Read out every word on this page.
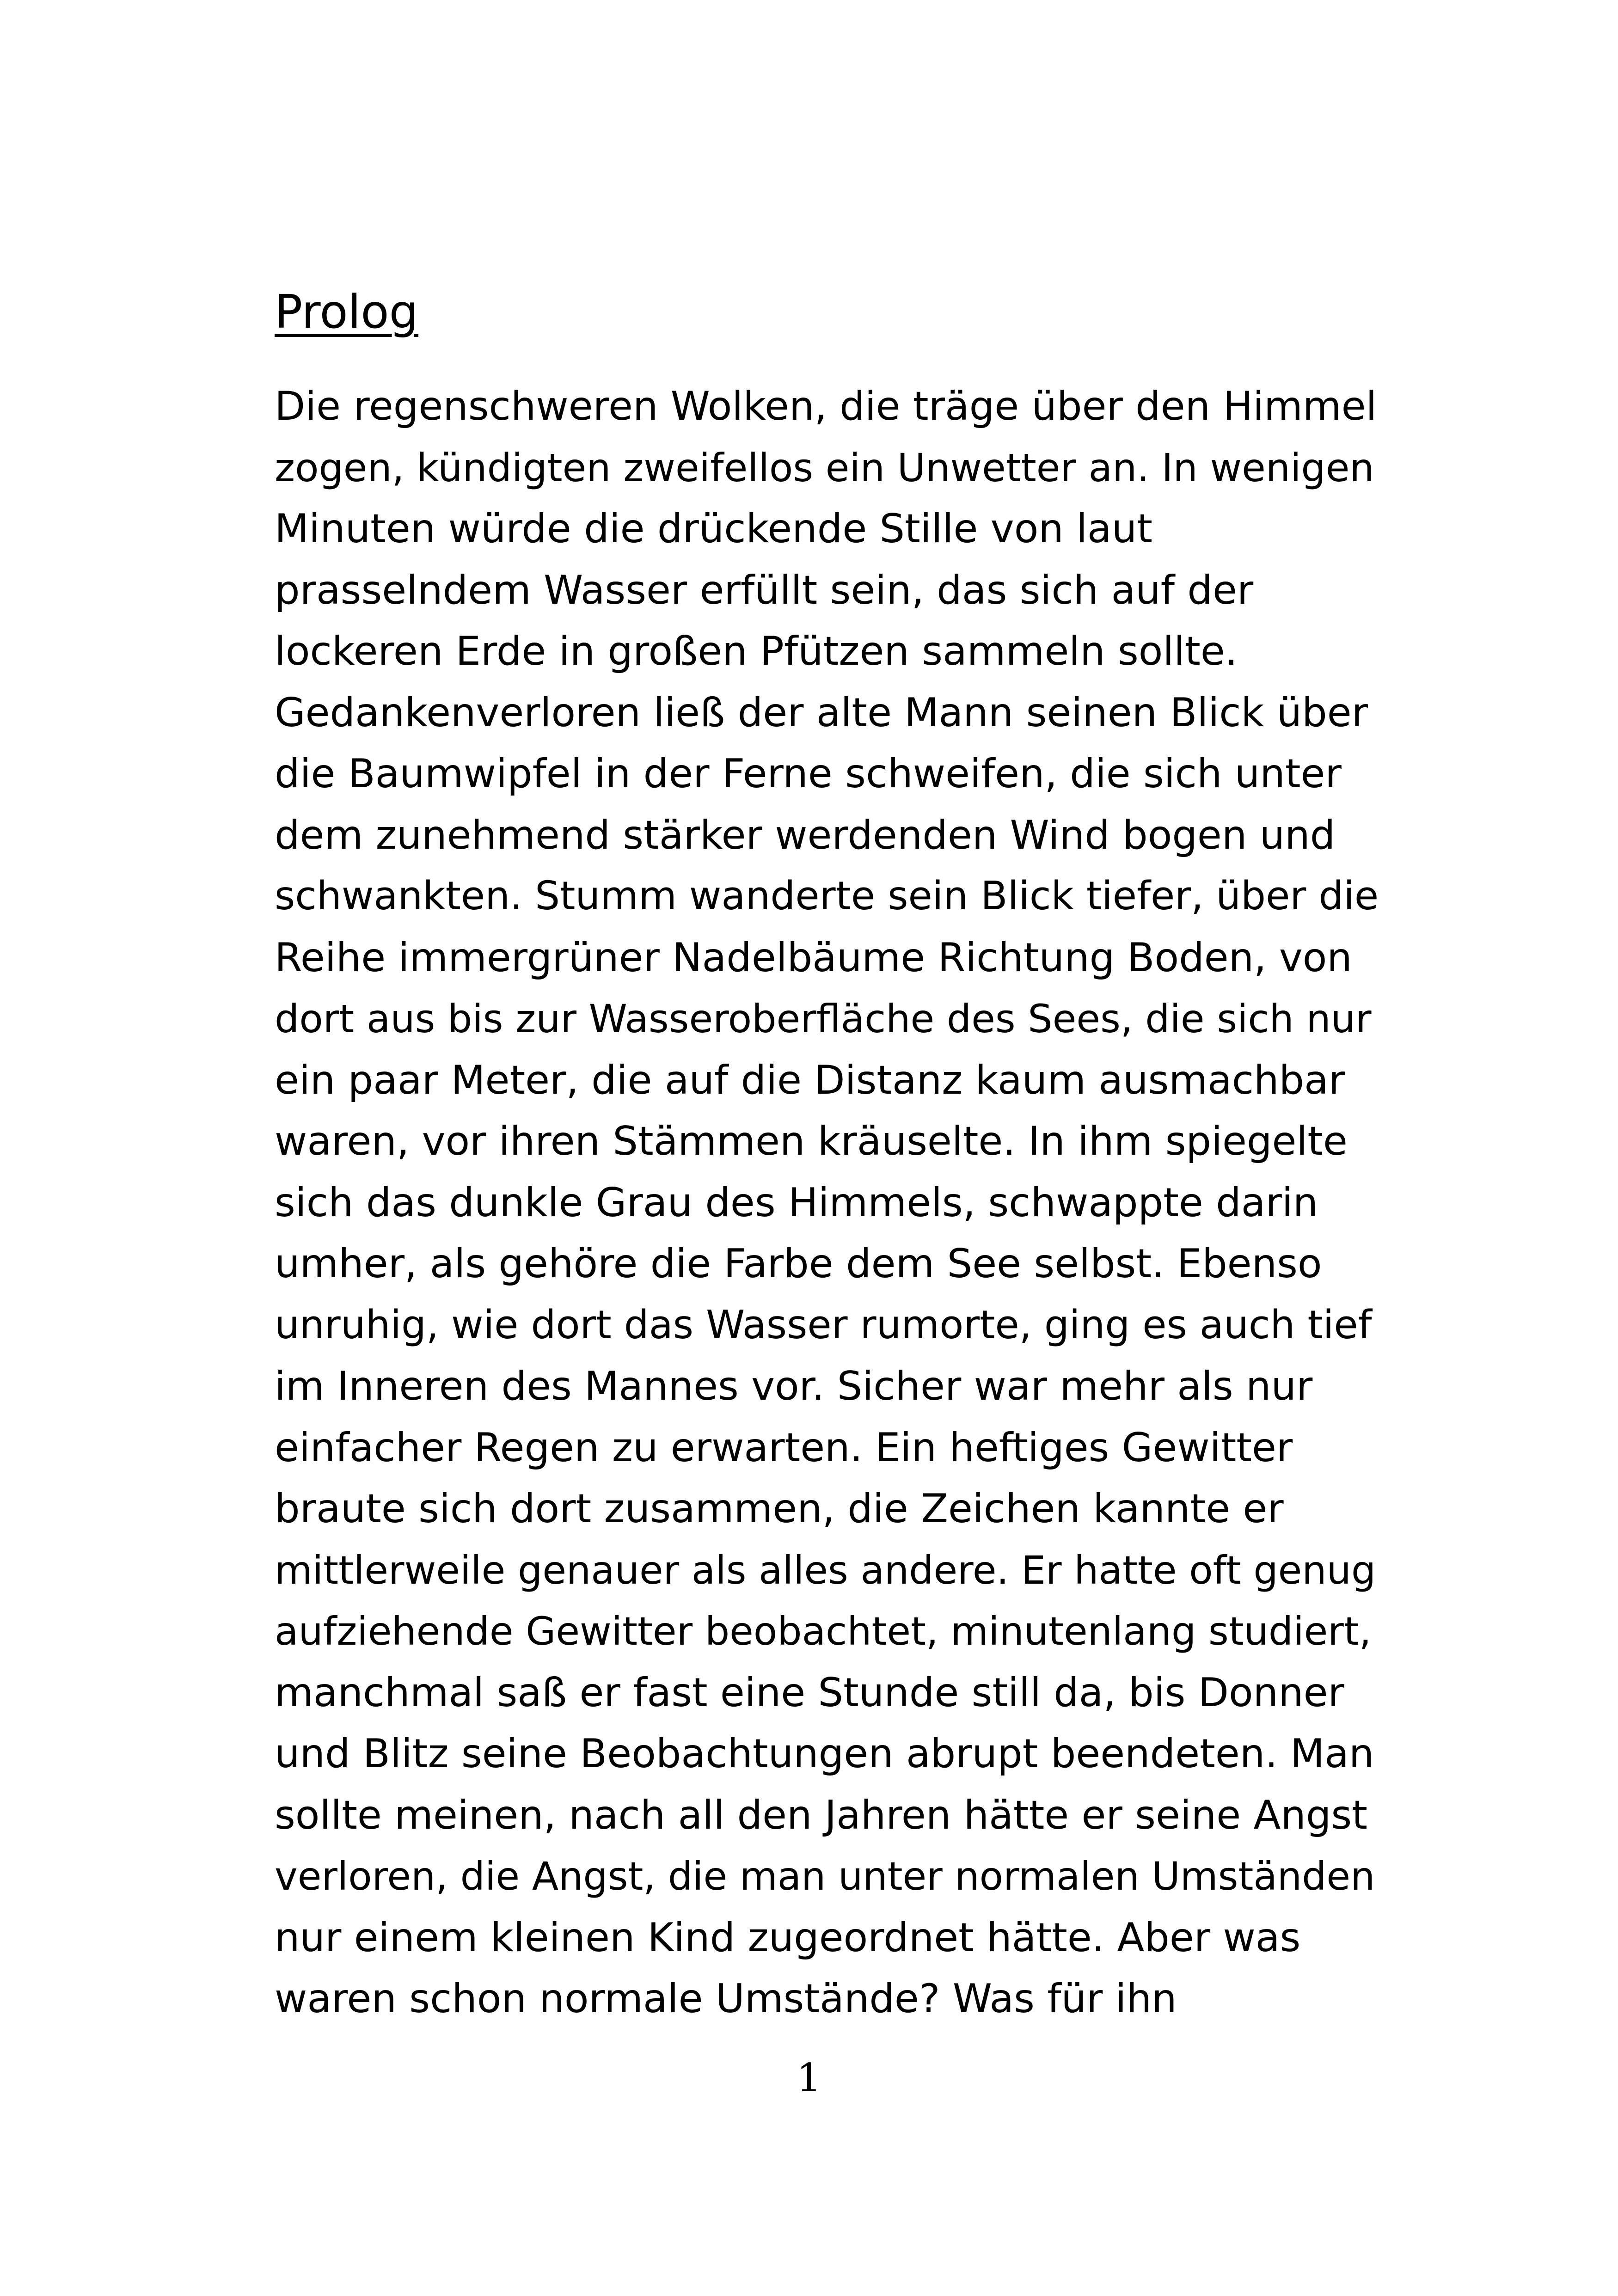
Prolog
Die regenschweren Wolken, die träge über den Himmel
zogen, kündigten zweifellos ein Unwetter an. In wenigen
Minuten würde die drückende Stille von laut
prasselndem Wasser erfüllt sein, das sich auf der
lockeren Erde in großen Pfützen sammeln sollte.
Gedankenverloren ließ der alte Mann seinen Blick über
die Baumwipfel in der Ferne schweifen, die sich unter
dem zunehmend stärker werdenden Wind bogen und
schwankten. Stumm wanderte sein Blick tiefer, über die
Reihe immergrüner Nadelbäume Richtung Boden, von
dort aus bis zur Wasseroberfläche des Sees, die sich nur
ein paar Meter, die auf die Distanz kaum ausmachbar
waren, vor ihren Stämmen kräuselte. In ihm spiegelte
sich das dunkle Grau des Himmels, schwappte darin
umher, als gehöre die Farbe dem See selbst. Ebenso
unruhig, wie dort das Wasser rumorte, ging es auch tief
im Inneren des Mannes vor. Sicher war mehr als nur
einfacher Regen zu erwarten. Ein heftiges Gewitter
braute sich dort zusammen, die Zeichen kannte er
mittlerweile genauer als alles andere. Er hatte oft genug
aufziehende Gewitter beobachtet, minutenlang studiert,
manchmal saß er fast eine Stunde still da, bis Donner
und Blitz seine Beobachtungen abrupt beendeten. Man
sollte meinen, nach all den Jahren hätte er seine Angst
verloren, die Angst, die man unter normalen Umständen
nur einem kleinen Kind zugeordnet hätte. Aber was
waren schon normale Umstände? Was für ihn
1
